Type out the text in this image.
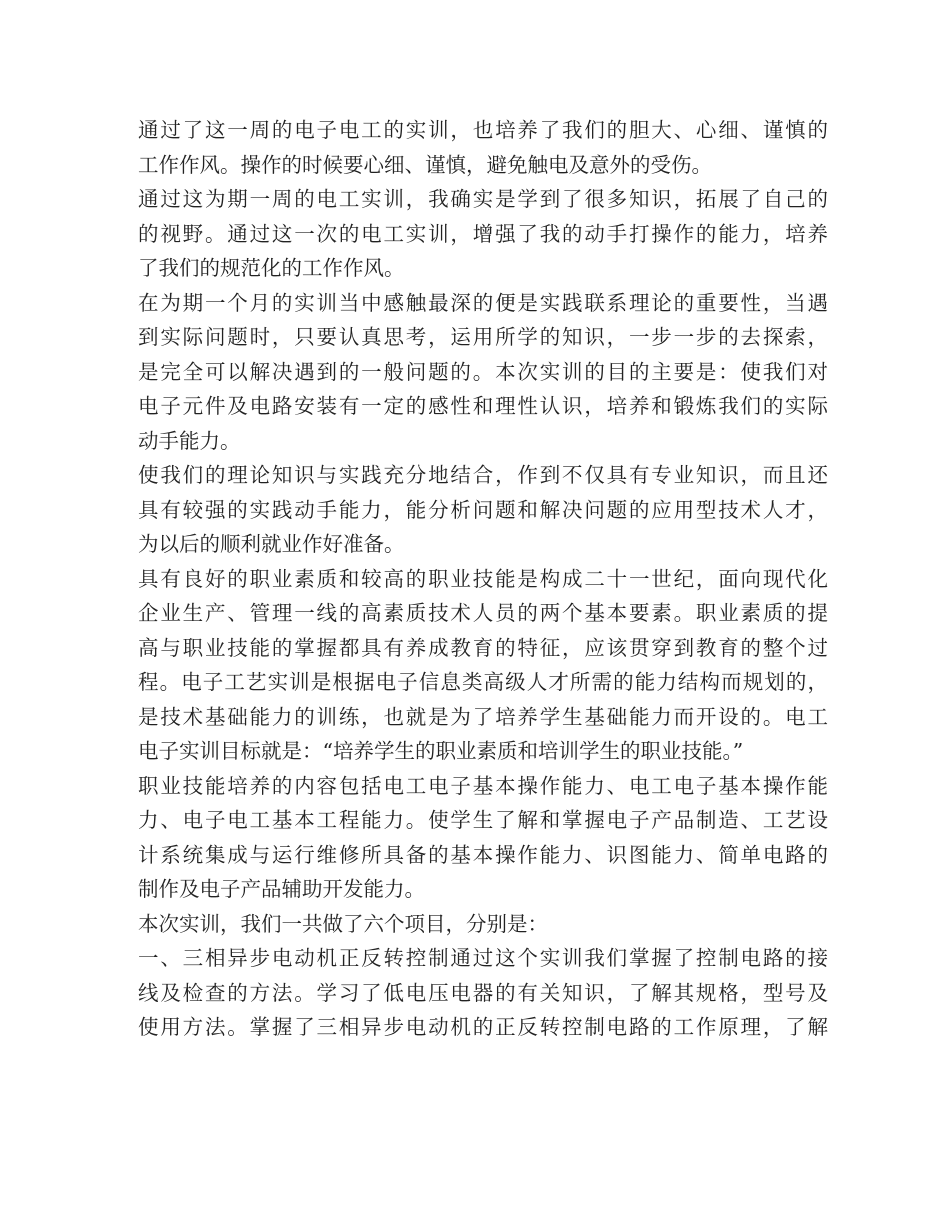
通过了这一周的电子电工的实训，也培养了我们的胆大、心细、谨慎的
工作作风。操作的时候要心细、谨慎，避免触电及意外的受伤。
通过这为期一周的电工实训，我确实是学到了很多知识，拓展了自己的
的视野。通过这一次的电工实训，增强了我的动手打操作的能力，培养
了我们的规范化的工作作风。
在为期一个月的实训当中感触最深的便是实践联系理论的重要性，当遇
到实际问题时，只要认真思考，运用所学的知识，一步一步的去探索，
是完全可以解决遇到的一般问题的。本次实训的目的主要是：使我们对
电子元件及电路安装有一定的感性和理性认识，培养和锻炼我们的实际
动手能力。
使我们的理论知识与实践充分地结合，作到不仅具有专业知识，而且还
具有较强的实践动手能力，能分析问题和解决问题的应用型技术人才，
为以后的顺利就业作好准备。
具有良好的职业素质和较高的职业技能是构成二十一世纪，面向现代化
企业生产、管理一线的高素质技术人员的两个基本要素。职业素质的提
高与职业技能的掌握都具有养成教育的特征，应该贯穿到教育的整个过
程。电子工艺实训是根据电子信息类高级人才所需的能力结构而规划的，
是技术基础能力的训练，也就是为了培养学生基础能力而开设的。电工
电子实训目标就是：“培养学生的职业素质和培训学生的职业技能。”
职业技能培养的内容包括电工电子基本操作能力、电工电子基本操作能
力、电子电工基本工程能力。使学生了解和掌握电子产品制造、工艺设
计系统集成与运行维修所具备的基本操作能力、识图能力、简单电路的
制作及电子产品辅助开发能力。
本次实训，我们一共做了六个项目，分别是：
一、三相异步电动机正反转控制通过这个实训我们掌握了控制电路的接
线及检查的方法。学习了低电压电器的有关知识，了解其规格，型号及
使用方法。掌握了三相异步电动机的正反转控制电路的工作原理，了解
